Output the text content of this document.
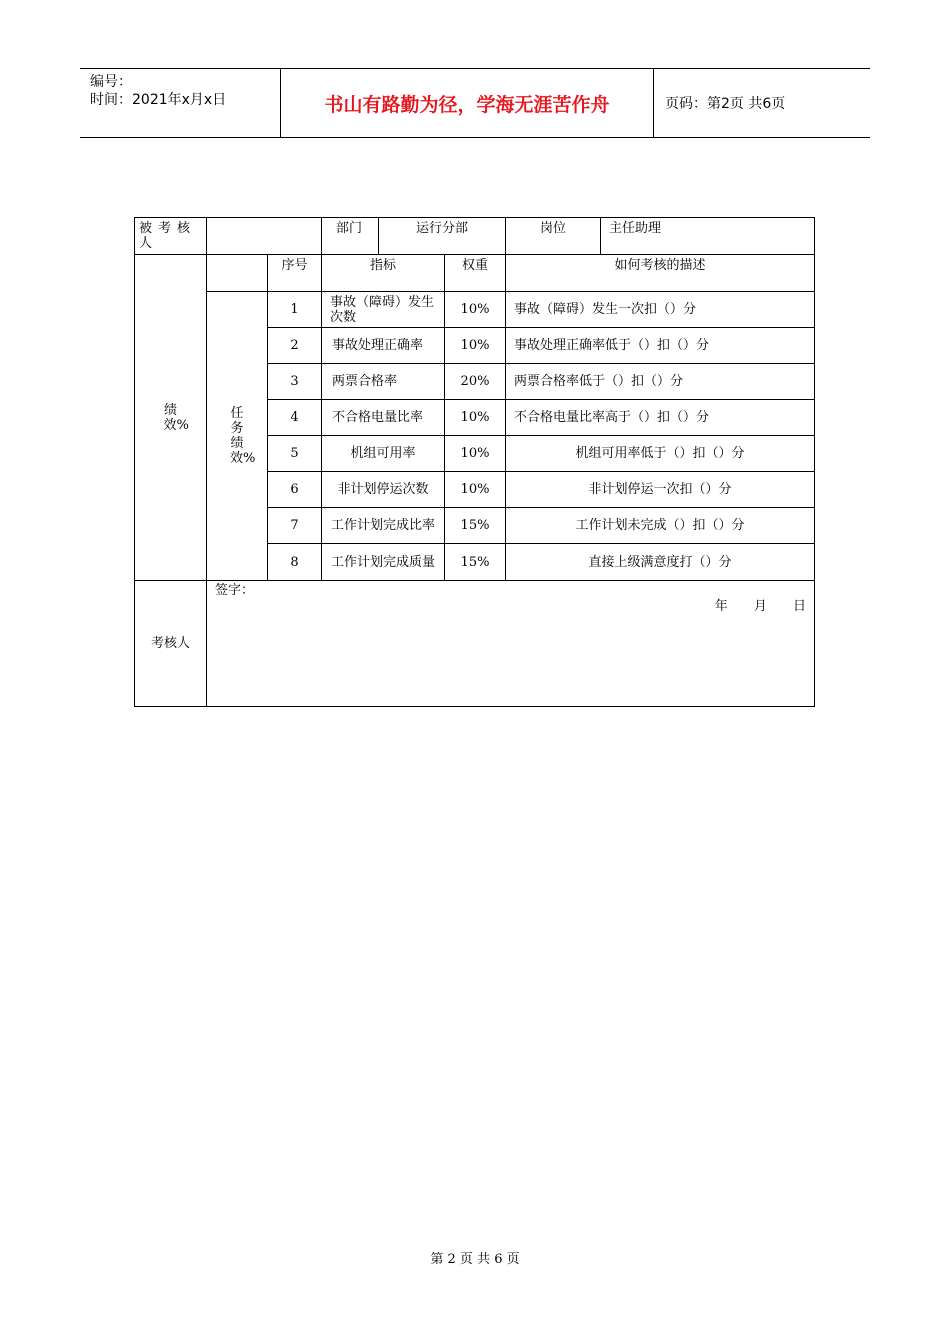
编号：
时间：2021年x月x日	书山有路勤为径，学海无涯苦作舟	页码：第2页 共6页
被考核人			部门	运行分部		岗位	主任助理

绩效%		序号	指标		权重	如何考核的描述	

	任务绩效%	1	事故（障碍）发生次数		10%	事故（障碍）发生一次扣（）分	
		2	事故处理正确率		10%	事故处理正确率低于（）扣（）分	
		3	两票合格率		20%	两票合格率低于（）扣（）分	
		4	不合格电量比率		10%	不合格电量比率高于（）扣（）分	
		5	机组可用率		10%	机组可用率低于（）扣（）分	
		6	非计划停运次数		10%	非计划停运一次扣（）分	
		7	工作计划完成比率		15%	工作计划未完成（）扣（）分	
		8	工作计划完成质量		15%	直接上级满意度打（）分	
考核人	签字：
年 月 日						
第 2 页 共 6 页
